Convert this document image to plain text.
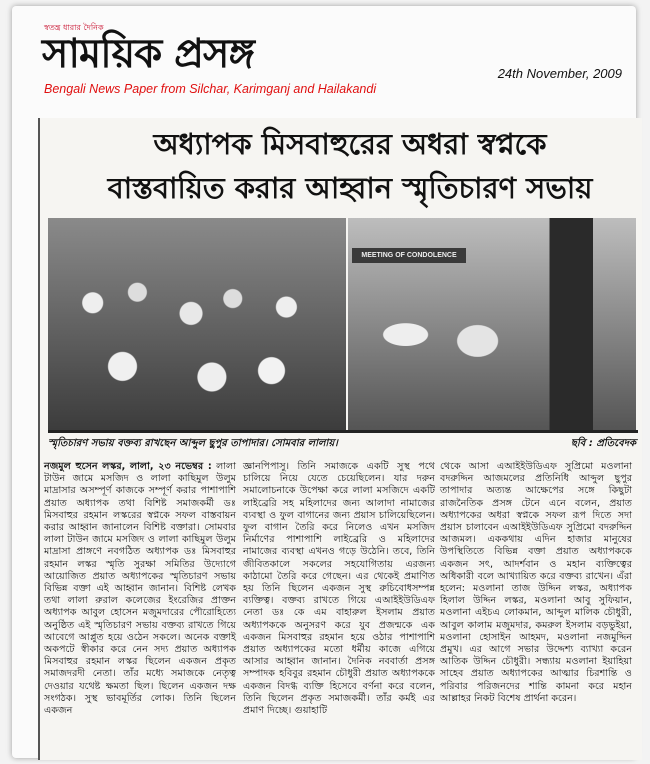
স্বতন্ত্র ধারার দৈনিক
সাময়িক প্রসঙ্গ
Bengali News Paper from Silchar, Karimganj and Hailakandi
24th November, 2009
অধ্যাপক মিসবাহুরের অধরা স্বপ্নকে
বাস্তবায়িত করার আহ্বান স্মৃতিচারণ সভায়
MEETING OF CONDOLENCE
স্মৃতিচারণ সভায় বক্তব্য রাখছেন আব্দুল ছুপুর তাপাদার। সোমবার লালায়।	ছবি : প্রতিবেদক
নজমুল হুসেন লস্কর, লালা, ২৩ নভেম্বর : লালা টাউন জামে মসজিদ ও লালা কাছিমুল উলুম মাদ্রাসার অসম্পূর্ণ কাজকে সম্পূর্ণ করার পাশাপাশি প্রয়াত অধ্যাপক তথা বিশিষ্ট সমাজকর্মী ডঃ মিসবাহুর রহমান লস্করের স্বপ্নকে সফল বাস্তবায়ন করার আহ্বান জানালেন বিশিষ্ট বক্তারা। সোমবার লালা টাউন জামে মসজিদ ও লালা কাছিমুল উলুম মাদ্রাসা প্রাঙ্গণে নবগঠিত অধ্যাপক ডঃ মিসবাহুর রহমান লস্কর স্মৃতি সুরক্ষা সমিতির উদ্যোগে আয়োজিত প্রয়াত অধ্যাপকের স্মৃতিচারণ সভায় বিভিন্ন বক্তা এই আহ্বান জানান। বিশিষ্ট লেখক তথা লালা রুরাল কলেজের ইংরেজির প্রাক্তন অধ্যাপক আবুল হোসেন মজুমদারের পৌরোহিত্যে অনুষ্ঠিত এই স্মৃতিচারণ সভায় বক্তব্য রাখতে গিয়ে আবেগে আপ্লুত হয়ে ওঠেন সকলে। অনেক বক্তাই অকপটে স্বীকার করে নেন সদ্য প্রয়াত অধ্যাপক মিসবাহুর রহমান লস্কর ছিলেন একজন প্রকৃত সমাজদরদী নেতা। তাঁর মধ্যে সমাজকে নেতৃত্ব দেওয়ার যথেষ্ট ক্ষমতা ছিল। ছিলেন একজন দক্ষ সংগঠক। সুস্থ ভাবমূর্তির লোক। তিনি ছিলেন একজন
জ্ঞানপিপাসু। তিনি সমাজকে একটি সুস্থ পথে চালিয়ে নিয়ে যেতে চেয়েছিলেন। যার দরুন সমালোচনাকে উপেক্ষা করে লালা মসজিদে একটি লাইব্রেরি সহ মহিলাদের জন্য আলাদা নামাজের ব্যবস্থা ও ফুল বাগানের জন্য প্রয়াস চালিয়েছিলেন। ফুল বাগান তৈরি করে নিলেও এখন মসজিদ নির্মাণের পাশাপাশি লাইব্রেরি ও মহিলাদের নামাজের ব্যবস্থা এখনও গড়ে উঠেনি। তবে, তিনি জীবিতকালে সকলের সহযোগিতায় এরজন্য কাঠামো তৈরি করে গেছেন। এর থেকেই প্রমাণিত হয় তিনি ছিলেন একজন সুস্থ রুচিবোধসম্পন্ন ব্যক্তিত্ব। বক্তব্য রাখতে গিয়ে এআইইউডিএফ নেতা ডঃ কে এম বাহারুল ইসলাম প্রয়াত অধ্যাপককে অনুসরণ করে যুব প্রজন্মকে এক একজন মিসবাহুর রহমান হয়ে ওঠার পাশাপাশি প্রয়াত অধ্যাপকের মতো ধর্মীয় কাজে এগিয়ে আসার আহ্বান জানান। দৈনিক নববার্তা প্রসঙ্গ সম্পাদক হবিবুর রহমান চৌধুরী প্রয়াত অধ্যাপককে একজন বিদগ্ধ ব্যক্তি হিসেবে বর্ণনা করে বলেন, তিনি ছিলেন প্রকৃত সমাজকর্মী। তাঁর কর্মই এর প্রমাণ দিচ্ছে। গুয়াহাটি
থেকে আসা এআইইউডিএফ সুপ্রিমো মওলানা বদরুদ্দিন আজমলের প্রতিনিধি আব্দুল ছুপুর তাপাদার অত্যন্ত আক্ষেপের সঙ্গে কিছুটা রাজনৈতিক প্রসঙ্গ টেনে এনে বলেন, প্রয়াত অধ্যাপকের অধরা স্বপ্নকে সফল রূপ দিতে সদা প্রয়াস চালাবেন এআইইউডিএফ সুপ্রিমো বদরুদ্দিন আজমল। এককথায় এদিন হাজার মানুষের উপস্থিতিতে বিভিন্ন বক্তা প্রয়াত অধ্যাপককে একজন সৎ, আদর্শবান ও মহান ব্যক্তিত্বের অধিকারী বলে আখ্যায়িত করে বক্তব্য রাখেন। এঁরা হলেন: মওলানা তাজ উদ্দিন লস্কর, অধ্যাপক হিলাল উদ্দিন লস্কর, মওলানা আবু সুফিয়ান, মওলানা এইচএ লোকমান, আব্দুল মালিক চৌধুরী, আবুল কালাম মজুমদার, কমরুল ইসলাম বড়ভুইয়া, মওলানা হোসাইন আহমদ, মওলানা নজমুদ্দিন প্রমুখ। এর আগে সভার উদ্দেশ্য ব্যাখ্যা করেন আতিক উদ্দিন চৌধুরী। সন্ধ্যায় মওলানা ইয়াহিয়া সাহেব প্রয়াত অধ্যাপকের আত্মার চিরশান্তি ও পরিবার পরিজনদের শান্তি কামনা করে মহান আল্লাহর নিকট বিশেষ প্রার্থনা করেন।
